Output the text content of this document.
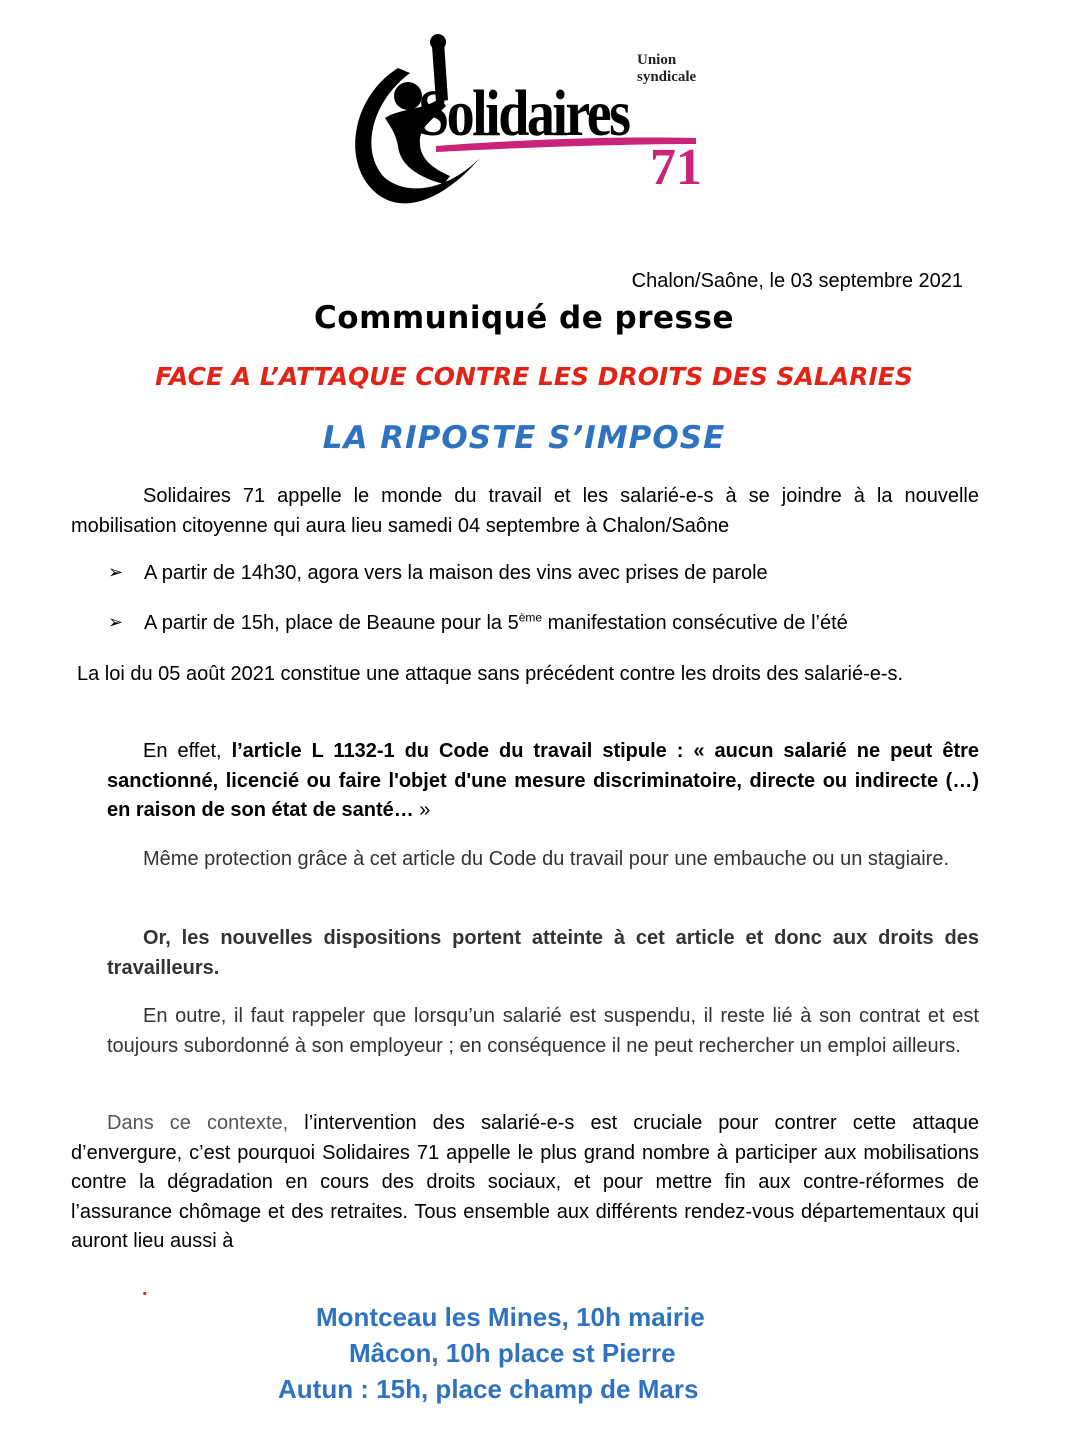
Union
syndicale
Solidaires
71
Chalon/Saône, le 03 septembre 2021
Communiqué de presse
FACE A L’ATTAQUE CONTRE LES DROITS DES SALARIES
LA RIPOSTE S’IMPOSE
Solidaires 71 appelle le monde du travail et les salarié-e-s à se joindre à la nouvelle mobilisation citoyenne qui aura lieu samedi 04 septembre à Chalon/Saône
➢ A partir de 14h30, agora vers la maison des vins avec prises de parole
➢ A partir de 15h, place de Beaune pour la 5ème manifestation consécutive de l’été
La loi du 05 août 2021 constitue une attaque sans précédent contre les droits des salarié-e-s.
En effet, l’article L 1132-1 du Code du travail stipule : « aucun salarié ne peut être sanctionné, licencié ou faire l'objet d'une mesure discriminatoire, directe ou indirecte (…) en raison de son état de santé… »
Même protection grâce à cet article du Code du travail pour une embauche ou un stagiaire.
Or, les nouvelles dispositions portent atteinte à cet article et donc aux droits des travailleurs.
En outre, il faut rappeler que lorsqu’un salarié est suspendu, il reste lié à son contrat et est toujours subordonné à son employeur ; en conséquence il ne peut rechercher un emploi ailleurs.
Dans ce contexte, l’intervention des salarié-e-s est cruciale pour contrer cette attaque d’envergure, c’est pourquoi Solidaires 71 appelle le plus grand nombre à participer aux mobilisations contre la dégradation en cours des droits sociaux, et pour mettre fin aux contre-réformes de l’assurance chômage et des retraites. Tous ensemble aux différents rendez-vous départementaux qui auront lieu aussi à
.
Montceau les Mines, 10h mairie
Mâcon, 10h place st Pierre
Autun : 15h, place champ de Mars
